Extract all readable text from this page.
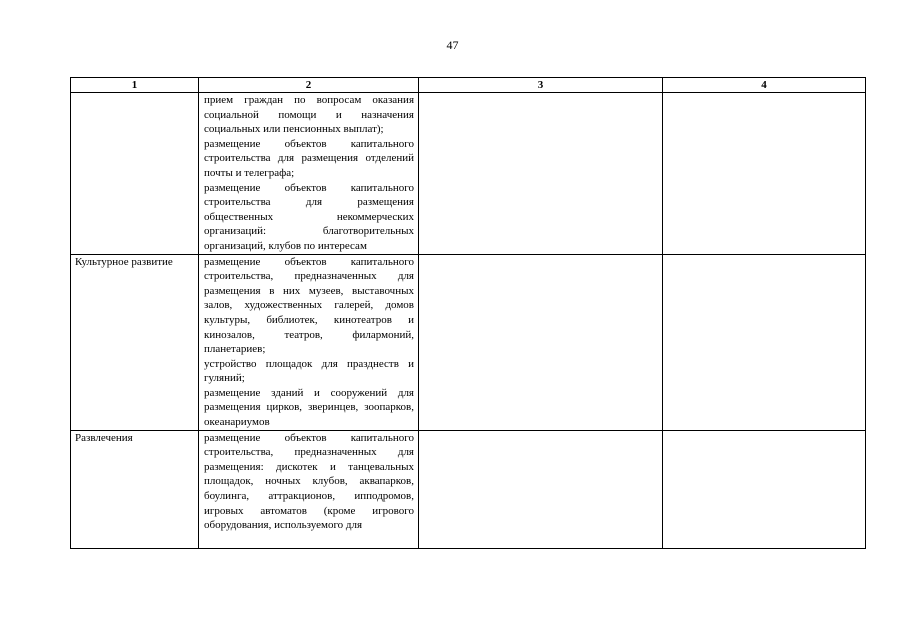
47
1	2	3	4
	прием граждан по вопросам оказания социальной помощи и назначения социальных или пенсионных выплат);
размещение объектов капитального строительства для размещения отделений почты и телеграфа;
размещение объектов капитального строительства для размещения общественных некоммерческих организаций: благотворительных организаций, клубов по интересам		
Культурное развитие	размещение объектов капитального строительства, предназначенных для размещения в них музеев, выставочных залов, художественных галерей, домов культуры, библиотек, кинотеатров и кинозалов, театров, филармоний, планетариев;
устройство площадок для празднеств и гуляний;
размещение зданий и сооружений для размещения цирков, зверинцев, зоопарков, океанариумов		
Развлечения	размещение объектов капитального строительства, предназначенных для размещения: дискотек и танцевальных площадок, ночных клубов, аквапарков, боулинга, аттракционов, ипподромов, игровых автоматов (кроме игрового оборудования, используемого для		
